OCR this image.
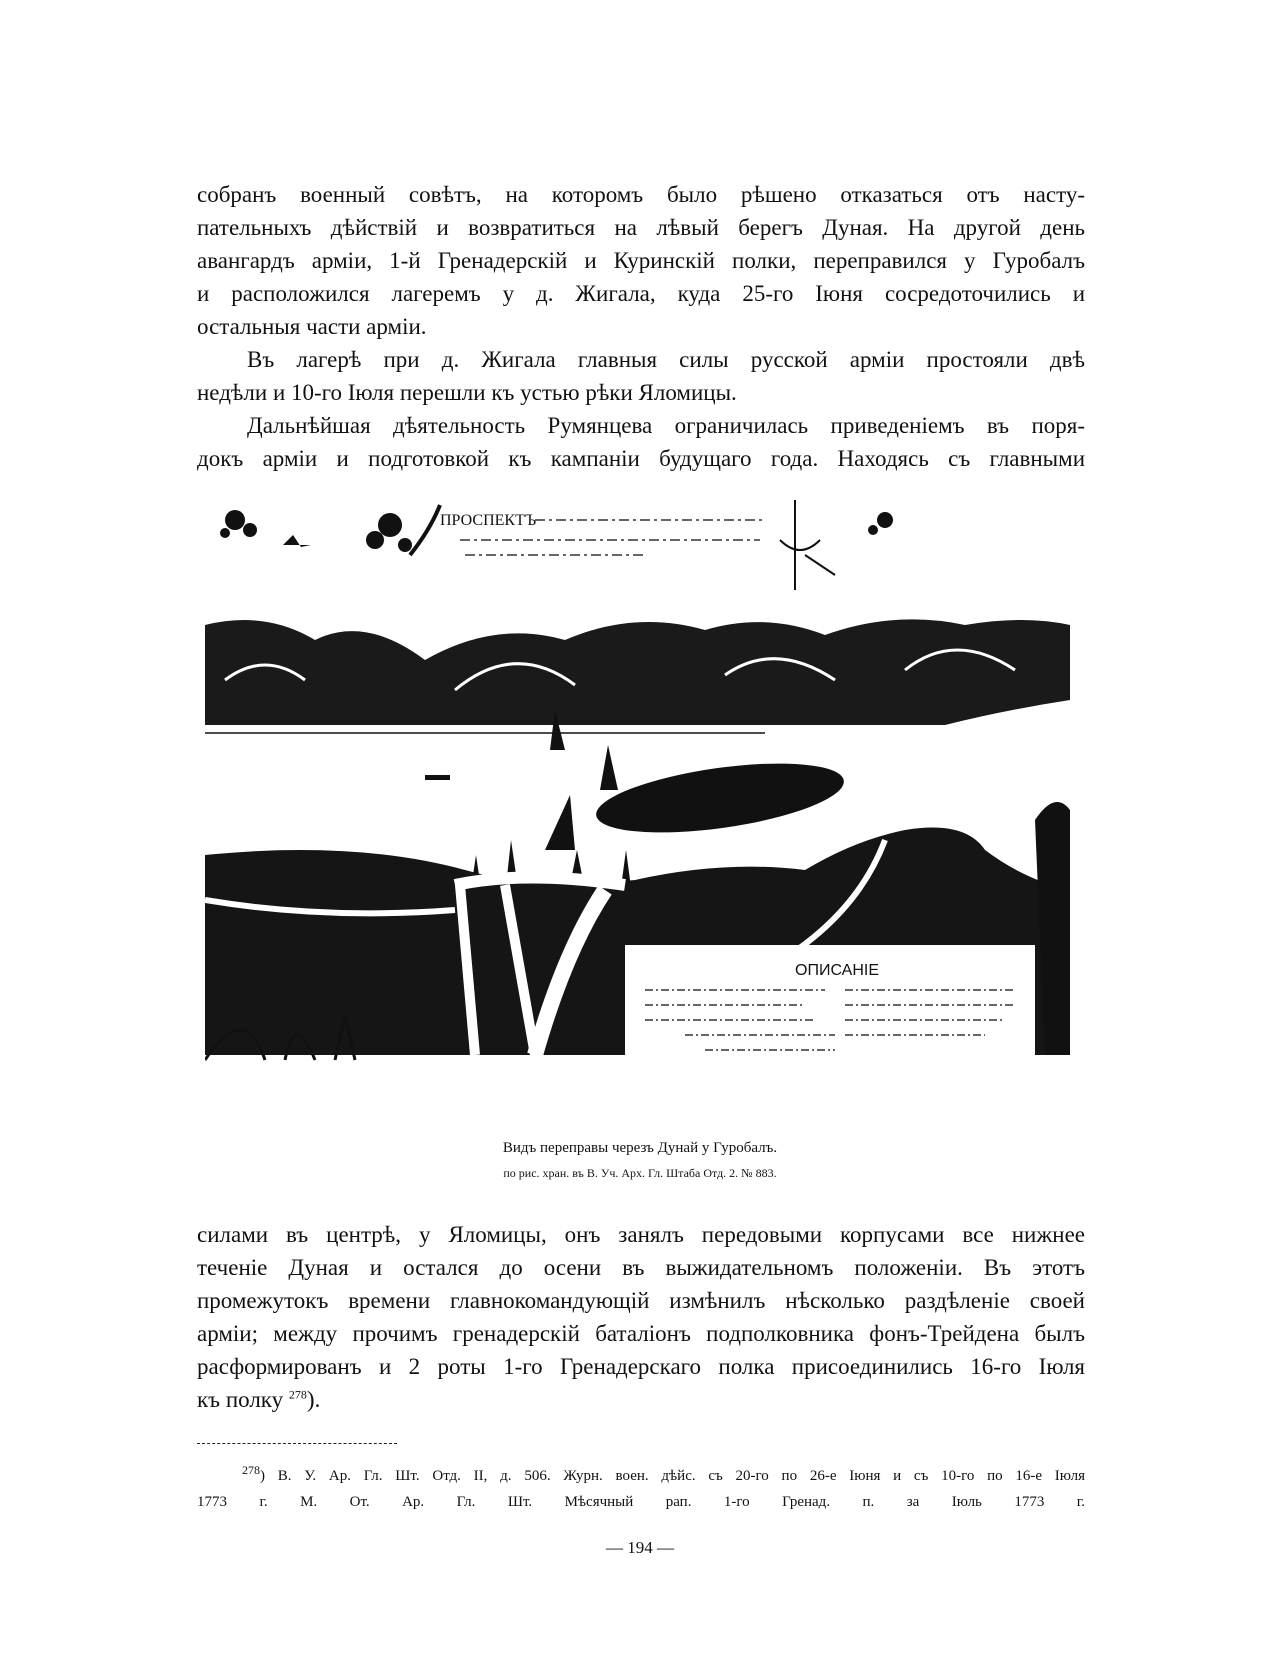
собранъ военный совѣтъ, на которомъ было рѣшено отказаться отъ насту-
пательныхъ дѣйствій и возвратиться на лѣвый берегъ Дуная. На другой день
авангардъ арміи, 1-й Гренадерскій и Куринскій полки, переправился у Гуробалъ
и расположился лагеремъ у д. Жигала, куда 25-го Іюня сосредоточились и
остальныя части арміи.
Въ лагерѣ при д. Жигала главныя силы русской арміи простояли двѣ
недѣли и 10-го Іюля перешли къ устью рѣки Яломицы.
Дальнѣйшая дѣятельность Румянцева ограничилась приведеніемъ въ поря-
докъ арміи и подготовкой къ кампаніи будущаго года. Находясь съ главными
ПРОСПЕКТЪ
ОПИСАНІЕ
Видъ переправы черезъ Дунай у Гуробалъ.
по рис. хран. въ В. Уч. Арх. Гл. Штаба Отд. 2. № 883.
силами въ центрѣ, у Яломицы, онъ занялъ передовыми корпусами все нижнее
теченіе Дуная и остался до осени въ выжидательномъ положеніи. Въ этотъ
промежутокъ времени главнокомандующій измѣнилъ нѣсколько раздѣленіе своей
арміи; между прочимъ гренадерскій баталіонъ подполковника фонъ-Трейдена былъ
расформированъ и 2 роты 1-го Гренадерскаго полка присоединились 16-го Іюля
къ полку $^{278}$).
$^{278}$) В. У. Ар. Гл. Шт. Отд. II, д. 506. Журн. воен. дѣйс. съ 20-го по 26-е Іюня и съ 10-го по 16-е Іюля
1773 г. М. От. Ар. Гл. Шт. Мѣсячный рап. 1-го Гренад. п. за Іюль 1773 г.
— 194 —
